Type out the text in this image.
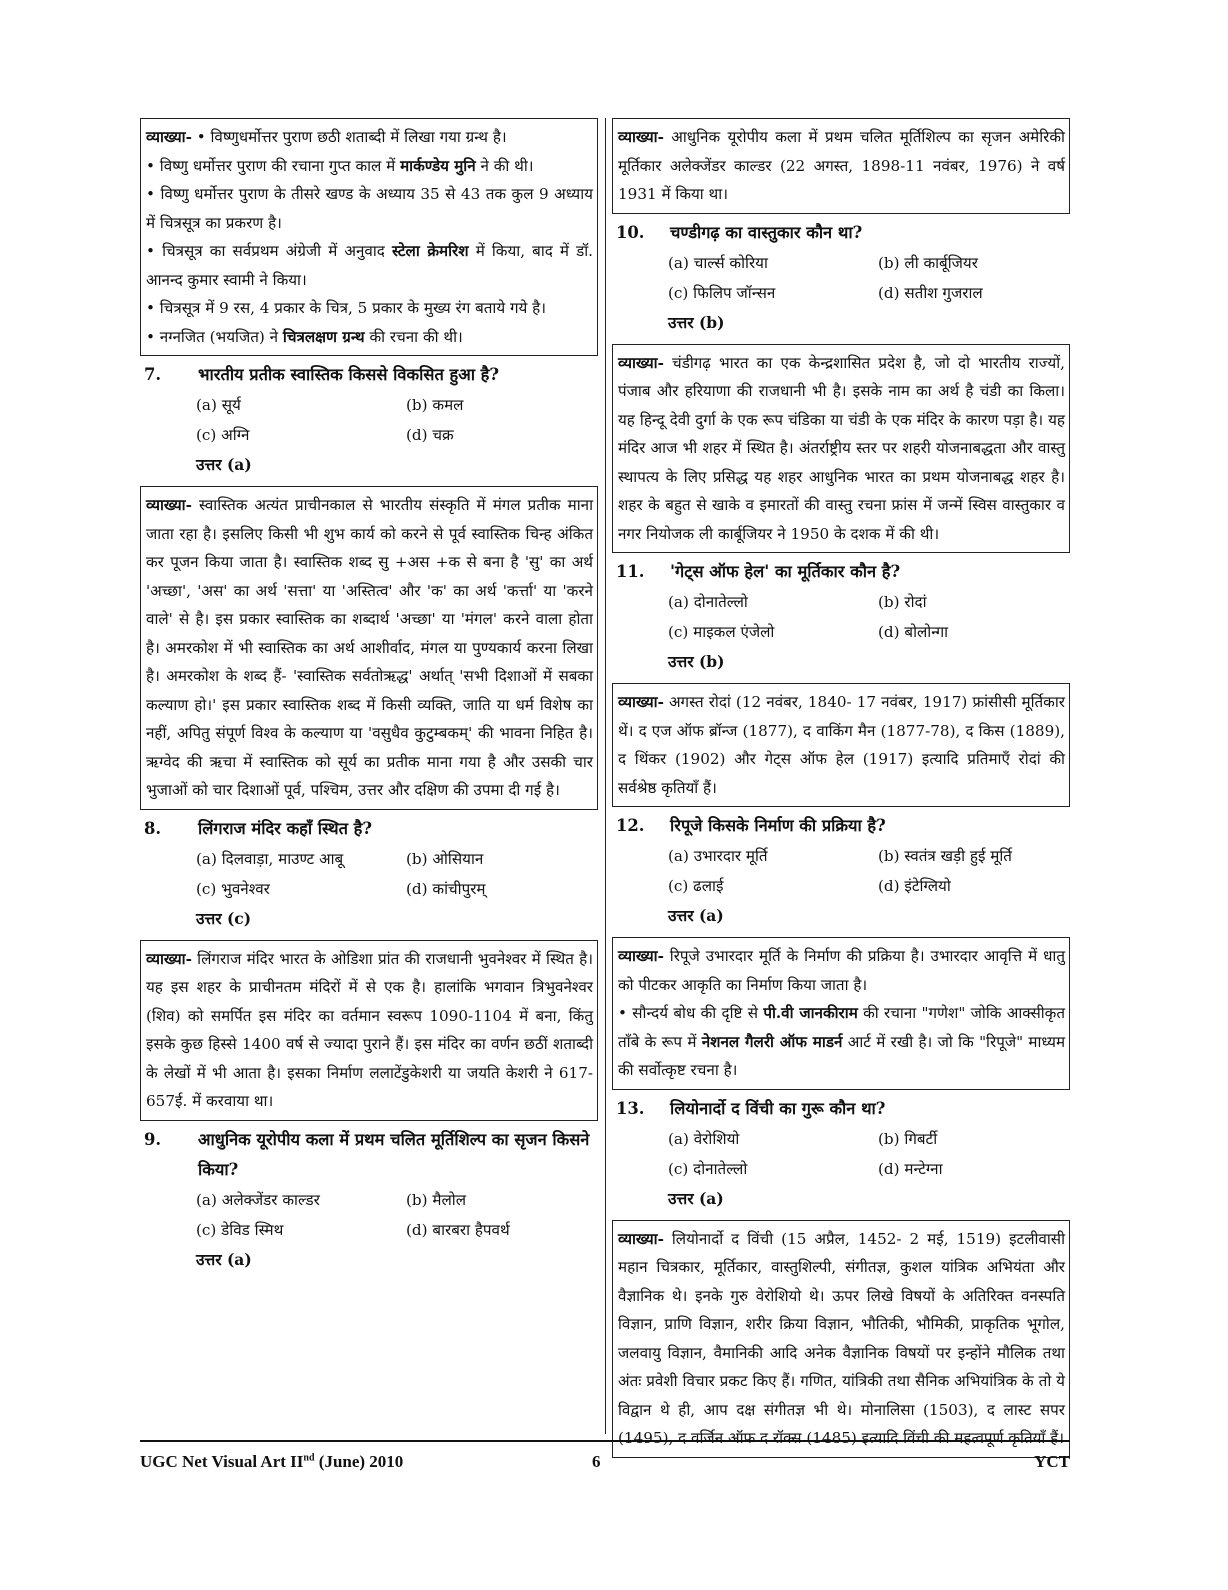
व्याख्या- • विष्णुधर्मोत्तर पुराण छठी शताब्दी में लिखा गया ग्रन्थ है।

• विष्णु धर्मोत्तर पुराण की रचाना गुप्त काल में मार्कण्डेय मुनि ने की थी।

• विष्णु धर्मोत्तर पुराण के तीसरे खण्ड के अध्याय 35 से 43 तक कुल 9 अध्याय में चित्रसूत्र का प्रकरण है।

• चित्रसूत्र का सर्वप्रथम अंग्रेजी में अनुवाद स्टेला क्रेमरिश में किया, बाद में डॉ. आनन्द कुमार स्वामी ने किया।

• चित्रसूत्र में 9 रस, 4 प्रकार के चित्र, 5 प्रकार के मुख्य रंग बताये गये है।

• नग्नजित (भयजित) ने चित्रलक्षण ग्रन्थ की रचना की थी।

7.	भारतीय प्रतीक स्वास्तिक किससे विकसित हुआ है?
(a) सूर्य	(b) कमल
(c) अग्नि	(d) चक्र
उत्तर (a)

व्याख्या- स्वास्तिक अत्यंत प्राचीनकाल से भारतीय संस्कृति में मंगल प्रतीक माना जाता रहा है। इसलिए किसी भी शुभ कार्य को करने से पूर्व स्वास्तिक चिन्ह अंकित कर पूजन किया जाता है। स्वास्तिक शब्द सु +अस +क से बना है 'सु' का अर्थ 'अच्छा', 'अस' का अर्थ 'सत्ता' या 'अस्तित्व' और 'क' का अर्थ 'कर्त्ता' या 'करने वाले' से है। इस प्रकार स्वास्तिक का शब्दार्थ 'अच्छा' या 'मंगल' करने वाला होता है। अमरकोश में भी स्वास्तिक का अर्थ आशीर्वाद, मंगल या पुण्यकार्य करना लिखा है। अमरकोश के शब्द हैं- 'स्वास्तिक सर्वतोऋद्ध' अर्थात् 'सभी दिशाओं में सबका कल्याण हो।' इस प्रकार स्वास्तिक शब्द में किसी व्यक्ति, जाति या धर्म विशेष का नहीं, अपितु संपूर्ण विश्व के कल्याण या 'वसुधैव कुटुम्बकम्' की भावना निहित है। ऋग्वेद की ऋचा में स्वास्तिक को सूर्य का प्रतीक माना गया है और उसकी चार भुजाओं को चार दिशाओं पूर्व, पश्चिम, उत्तर और दक्षिण की उपमा दी गई है।

8.	लिंगराज मंदिर कहाँ स्थित है?
(a) दिलवाड़ा, माउण्ट आबू	(b) ओसियान
(c) भुवनेश्वर	(d) कांचीपुरम्
उत्तर (c)

व्याख्या- लिंगराज मंदिर भारत के ओडिशा प्रांत की राजधानी भुवनेश्वर में स्थित है। यह इस शहर के प्राचीनतम मंदिरों में से एक है। हालांकि भगवान त्रिभुवनेश्वर (शिव) को समर्पित इस मंदिर का वर्तमान स्वरूप 1090-1104 में बना, किंतु इसके कुछ हिस्से 1400 वर्ष से ज्यादा पुराने हैं। इस मंदिर का वर्णन छठीं शताब्दी के लेखों में भी आता है। इसका निर्माण ललाटेंडुकेशरी या जयति केशरी ने 617-657ई. में करवाया था।

9.	आधुनिक यूरोपीय कला में प्रथम चलित मूर्तिशिल्प का सृजन किसने किया?
(a) अलेक्जेंडर काल्डर	(b) मैलोल
(c) डेविड स्मिथ	(d) बारबरा हैपवर्थ
उत्तर (a)

व्याख्या- आधुनिक यूरोपीय कला में प्रथम चलित मूर्तिशिल्प का सृजन अमेरिकी मूर्तिकार अलेक्जेंडर काल्डर (22 अगस्त, 1898-11 नवंबर, 1976) ने वर्ष 1931 में किया था।

10.	चण्डीगढ़ का वास्तुकार कौन था?
(a) चार्ल्स कोरिया	(b) ली कार्बूजियर
(c) फिलिप जॉन्सन	(d) सतीश गुजराल
उत्तर (b)

व्याख्या- चंडीगढ़ भारत का एक केन्द्रशासित प्रदेश है, जो दो भारतीय राज्यों, पंजाब और हरियाणा की राजधानी भी है। इसके नाम का अर्थ है चंडी का किला। यह हिन्दू देवी दुर्गा के एक रूप चंडिका या चंडी के एक मंदिर के कारण पड़ा है। यह मंदिर आज भी शहर में स्थित है। अंतर्राष्ट्रीय स्तर पर शहरी योजनाबद्धता और वास्तु स्थापत्य के लिए प्रसिद्ध यह शहर आधुनिक भारत का प्रथम योजनाबद्ध शहर है। शहर के बहुत से खाके व इमारतों की वास्तु रचना फ्रांस में जन्में स्विस वास्तुकार व नगर नियोजक ली कार्बूजियर ने 1950 के दशक में की थी।

11.	'गेट्स ऑफ हेल' का मूर्तिकार कौन है?
(a) दोनातेल्लो	(b) रोदां
(c) माइकल एंजेलो	(d) बोलोन्गा
उत्तर (b)

व्याख्या- अगस्त रोदां (12 नवंबर, 1840- 17 नवंबर, 1917) फ्रांसीसी मूर्तिकार थें। द एज ऑफ ब्रॉन्ज (1877), द वाकिंग मैन (1877-78), द किस (1889), द थिंकर (1902) और गेट्स ऑफ हेल (1917) इत्यादि प्रतिमाएँ रोदां की सर्वश्रेष्ठ कृतियाँ हैं।

12.	रिपूजे किसके निर्माण की प्रक्रिया है?
(a) उभारदार मूर्ति	(b) स्वतंत्र खड़ी हुई मूर्ति
(c) ढलाई	(d) इंटेग्लियो
उत्तर (a)

व्याख्या- रिपूजे उभारदार मूर्ति के निर्माण की प्रक्रिया है। उभारदार आवृत्ति में धातु को पीटकर आकृति का निर्माण किया जाता है।

• सौन्दर्य बोध की दृष्टि से पी.वी जानकीराम की रचाना "गणेश" जोकि आक्सीकृत ताँबे के रूप में नेशनल गैलरी ऑफ माडर्न आर्ट में रखी है। जो कि "रिपूजे" माध्यम की सर्वोत्कृष्ट रचना है।

13.	लियोनार्दो द विंची का गुरू कौन था?
(a) वेरोशियो	(b) गिबर्टी
(c) दोनातेल्लो	(d) मन्टेग्ना
उत्तर (a)

व्याख्या- लियोनार्दो द विंची (15 अप्रैल, 1452- 2 मई, 1519) इटलीवासी महान चित्रकार, मूर्तिकार, वास्तुशिल्पी, संगीतज्ञ, कुशल यांत्रिक अभियंता और वैज्ञानिक थे। इनके गुरु वेरोशियो थे। ऊपर लिखे विषयों के अतिरिक्त वनस्पति विज्ञान, प्राणि विज्ञान, शरीर क्रिया विज्ञान, भौतिकी, भौमिकी, प्राकृतिक भूगोल, जलवायु विज्ञान, वैमानिकी आदि अनेक वैज्ञानिक विषयों पर इन्होंने मौलिक तथा अंतः प्रवेशी विचार प्रकट किए हैं। गणित, यांत्रिकी तथा सैनिक अभियांत्रिक के तो ये विद्वान थे ही, आप दक्ष संगीतज्ञ भी थे। मोनालिसा (1503), द लास्ट सपर (1495), द वर्जिन ऑफ द रॉक्स (1485) इत्यादि विंची की महत्वपूर्ण कृतियाँ हैं।

UGC Net Visual Art IInd (June) 2010	6	YCT
